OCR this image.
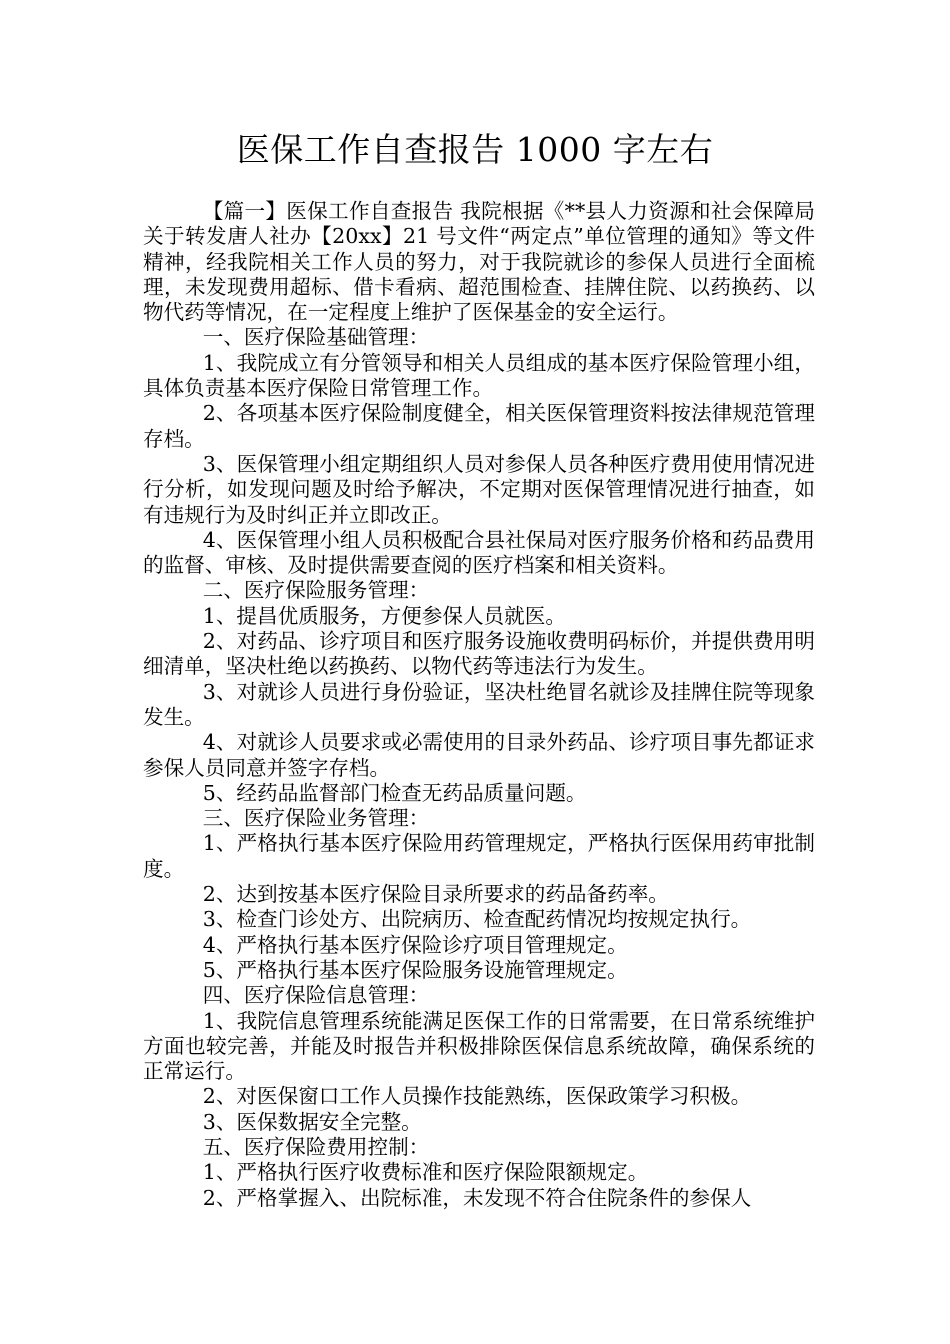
医保工作自查报告 1000 字左右

【篇一】医保工作自查报告 我院根据《**县人力资源和社会保障局关于转发唐人社办【20xx】21 号文件“两定点”单位管理的通知》等文件精神，经我院相关工作人员的努力，对于我院就诊的参保人员进行全面梳理，未发现费用超标、借卡看病、超范围检查、挂牌住院、以药换药、以物代药等情况，在一定程度上维护了医保基金的安全运行。

一、医疗保险基础管理：

1、我院成立有分管领导和相关人员组成的基本医疗保险管理小组，具体负责基本医疗保险日常管理工作。

2、各项基本医疗保险制度健全，相关医保管理资料按法律规范管理存档。

3、医保管理小组定期组织人员对参保人员各种医疗费用使用情况进行分析，如发现问题及时给予解决，不定期对医保管理情况进行抽查，如有违规行为及时纠正并立即改正。

4、医保管理小组人员积极配合县社保局对医疗服务价格和药品费用的监督、审核、及时提供需要查阅的医疗档案和相关资料。

二、医疗保险服务管理：

1、提昌优质服务，方便参保人员就医。

2、对药品、诊疗项目和医疗服务设施收费明码标价，并提供费用明细清单，坚决杜绝以药换药、以物代药等违法行为发生。

3、对就诊人员进行身份验证，坚决杜绝冒名就诊及挂牌住院等现象发生。

4、对就诊人员要求或必需使用的目录外药品、诊疗项目事先都证求参保人员同意并签字存档。

5、经药品监督部门检查无药品质量问题。

三、医疗保险业务管理：

1、严格执行基本医疗保险用药管理规定，严格执行医保用药审批制度。

2、达到按基本医疗保险目录所要求的药品备药率。

3、检查门诊处方、出院病历、检查配药情况均按规定执行。

4、严格执行基本医疗保险诊疗项目管理规定。

5、严格执行基本医疗保险服务设施管理规定。

四、医疗保险信息管理：

1、我院信息管理系统能满足医保工作的日常需要，在日常系统维护方面也较完善，并能及时报告并积极排除医保信息系统故障，确保系统的正常运行。

2、对医保窗口工作人员操作技能熟练，医保政策学习积极。

3、医保数据安全完整。

五、医疗保险费用控制：

1、严格执行医疗收费标准和医疗保险限额规定。

2、严格掌握入、出院标准，未发现不符合住院条件的参保人
